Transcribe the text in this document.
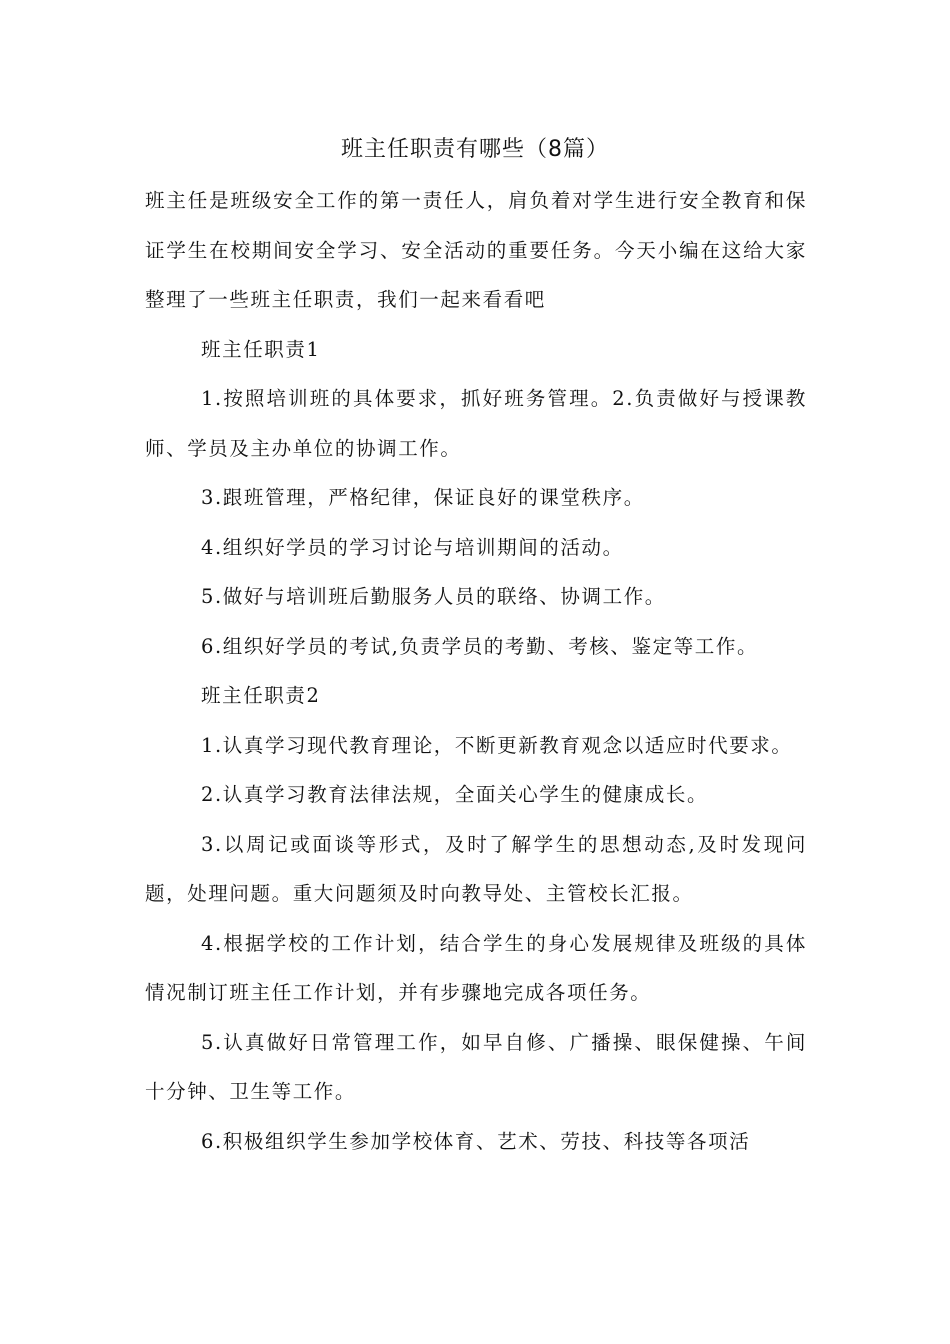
班主任职责有哪些（8篇）

班主任是班级安全工作的第一责任人，肩负着对学生进行安全教育和保证学生在校期间安全学习、安全活动的重要任务。今天小编在这给大家整理了一些班主任职责，我们一起来看看吧

班主任职责1

1.按照培训班的具体要求，抓好班务管理。2.负责做好与授课教师、学员及主办单位的协调工作。

3.跟班管理，严格纪律，保证良好的课堂秩序。

4.组织好学员的学习讨论与培训期间的活动。

5.做好与培训班后勤服务人员的联络、协调工作。

6.组织好学员的考试,负责学员的考勤、考核、鉴定等工作。

班主任职责2

1.认真学习现代教育理论，不断更新教育观念以适应时代要求。

2.认真学习教育法律法规，全面关心学生的健康成长。

3.以周记或面谈等形式，及时了解学生的思想动态,及时发现问题，处理问题。重大问题须及时向教导处、主管校长汇报。

4.根据学校的工作计划，结合学生的身心发展规律及班级的具体情况制订班主任工作计划，并有步骤地完成各项任务。

5.认真做好日常管理工作，如早自修、广播操、眼保健操、午间十分钟、卫生等工作。

6.积极组织学生参加学校体育、艺术、劳技、科技等各项活
